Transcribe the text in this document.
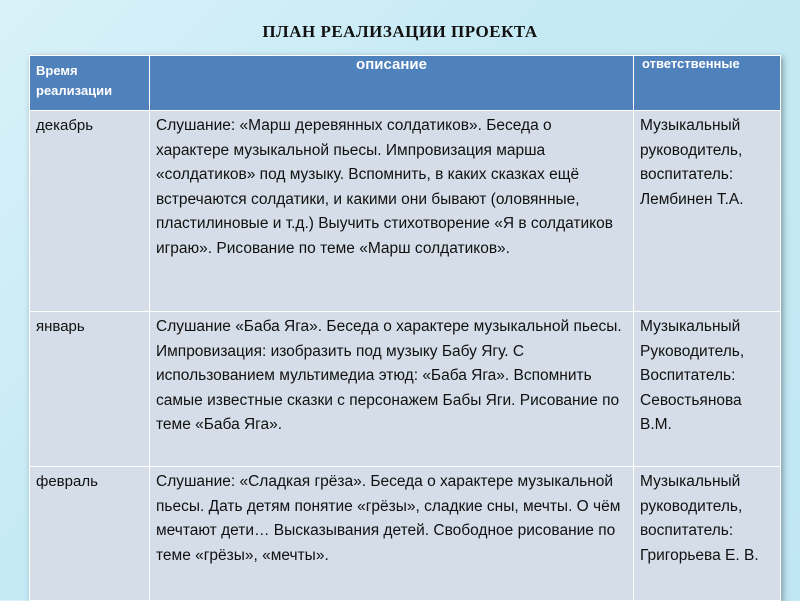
ПЛАН РЕАЛИЗАЦИИ ПРОЕКТА
Время реализации	описание	ответственные
декабрь	Слушание: «Марш деревянных солдатиков». Беседа о характере музыкальной пьесы. Импровизация марша «солдатиков» под музыку. Вспомнить, в каких сказках ещё встречаются солдатики, и какими они бывают (оловянные, пластилиновые и т.д.) Выучить стихотворение «Я в солдатиков играю». Рисование по теме «Марш солдатиков».	Музыкальный руководитель, воспитатель: Лембинен Т.А.
январь	Слушание «Баба Яга». Беседа о характере музыкальной пьесы. Импровизация: изобразить под музыку Бабу Ягу. С использованием мультимедиа этюд: «Баба Яга». Вспомнить самые известные сказки с персонажем Бабы Яги. Рисование по теме «Баба Яга».	Музыкальный Руководитель, Воспитатель: Севостьянова В.М.
февраль	Слушание: «Сладкая грёза». Беседа о характере музыкальной пьесы. Дать детям понятие «грёзы», сладкие сны, мечты. О чём мечтают дети… Высказывания детей. Свободное рисование по теме «грёзы», «мечты».	Музыкальный руководитель, воспитатель: Григорьева Е. В.
